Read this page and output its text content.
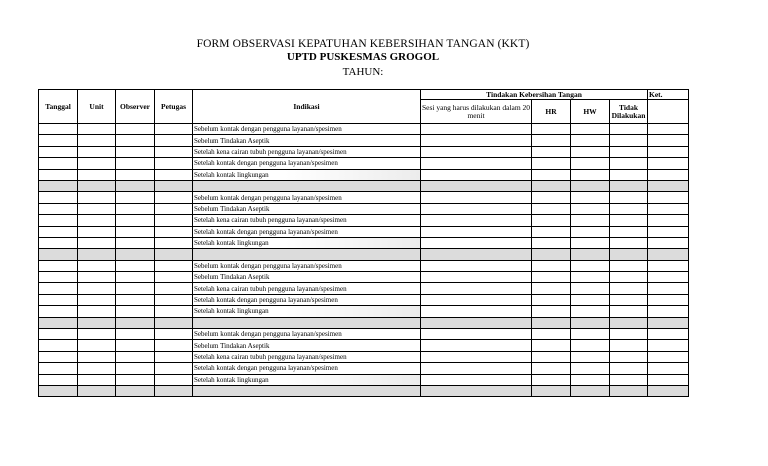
FORM OBSERVASI KEPATUHAN KEBERSIHAN TANGAN (KKT)
UPTD PUSKESMAS GROGOL
TAHUN:
Tanggal	Unit	Observer	Petugas	Indikasi	Tindakan Kebersihan Tangan				Ket.
					Sesi yang harus dilakukan dalam 20 menit	HR	HW	Tidak Dilakukan	
				Sebelum kontak dengan pengguna layanan/spesimen					
				Sebelum Tindakan Aseptik					
				Setelah kena cairan tubuh pengguna layanan/spesimen					
				Setelah kontak dengan pengguna layanan/spesimen					
				Setelah kontak lingkungan					

				Sebelum kontak dengan pengguna layanan/spesimen					
				Sebelum Tindakan Aseptik					
				Setelah kena cairan tubuh pengguna layanan/spesimen					
				Setelah kontak dengan pengguna layanan/spesimen					
				Setelah kontak lingkungan					

				Sebelum kontak dengan pengguna layanan/spesimen					
				Sebelum Tindakan Aseptik					
				Setelah kena cairan tubuh pengguna layanan/spesimen					
				Setelah kontak dengan pengguna layanan/spesimen					
				Setelah kontak lingkungan					

				Sebelum kontak dengan pengguna layanan/spesimen					
				Sebelum Tindakan Aseptik					
				Setelah kena cairan tubuh pengguna layanan/spesimen					
				Setelah kontak dengan pengguna layanan/spesimen					
				Setelah kontak lingkungan					
